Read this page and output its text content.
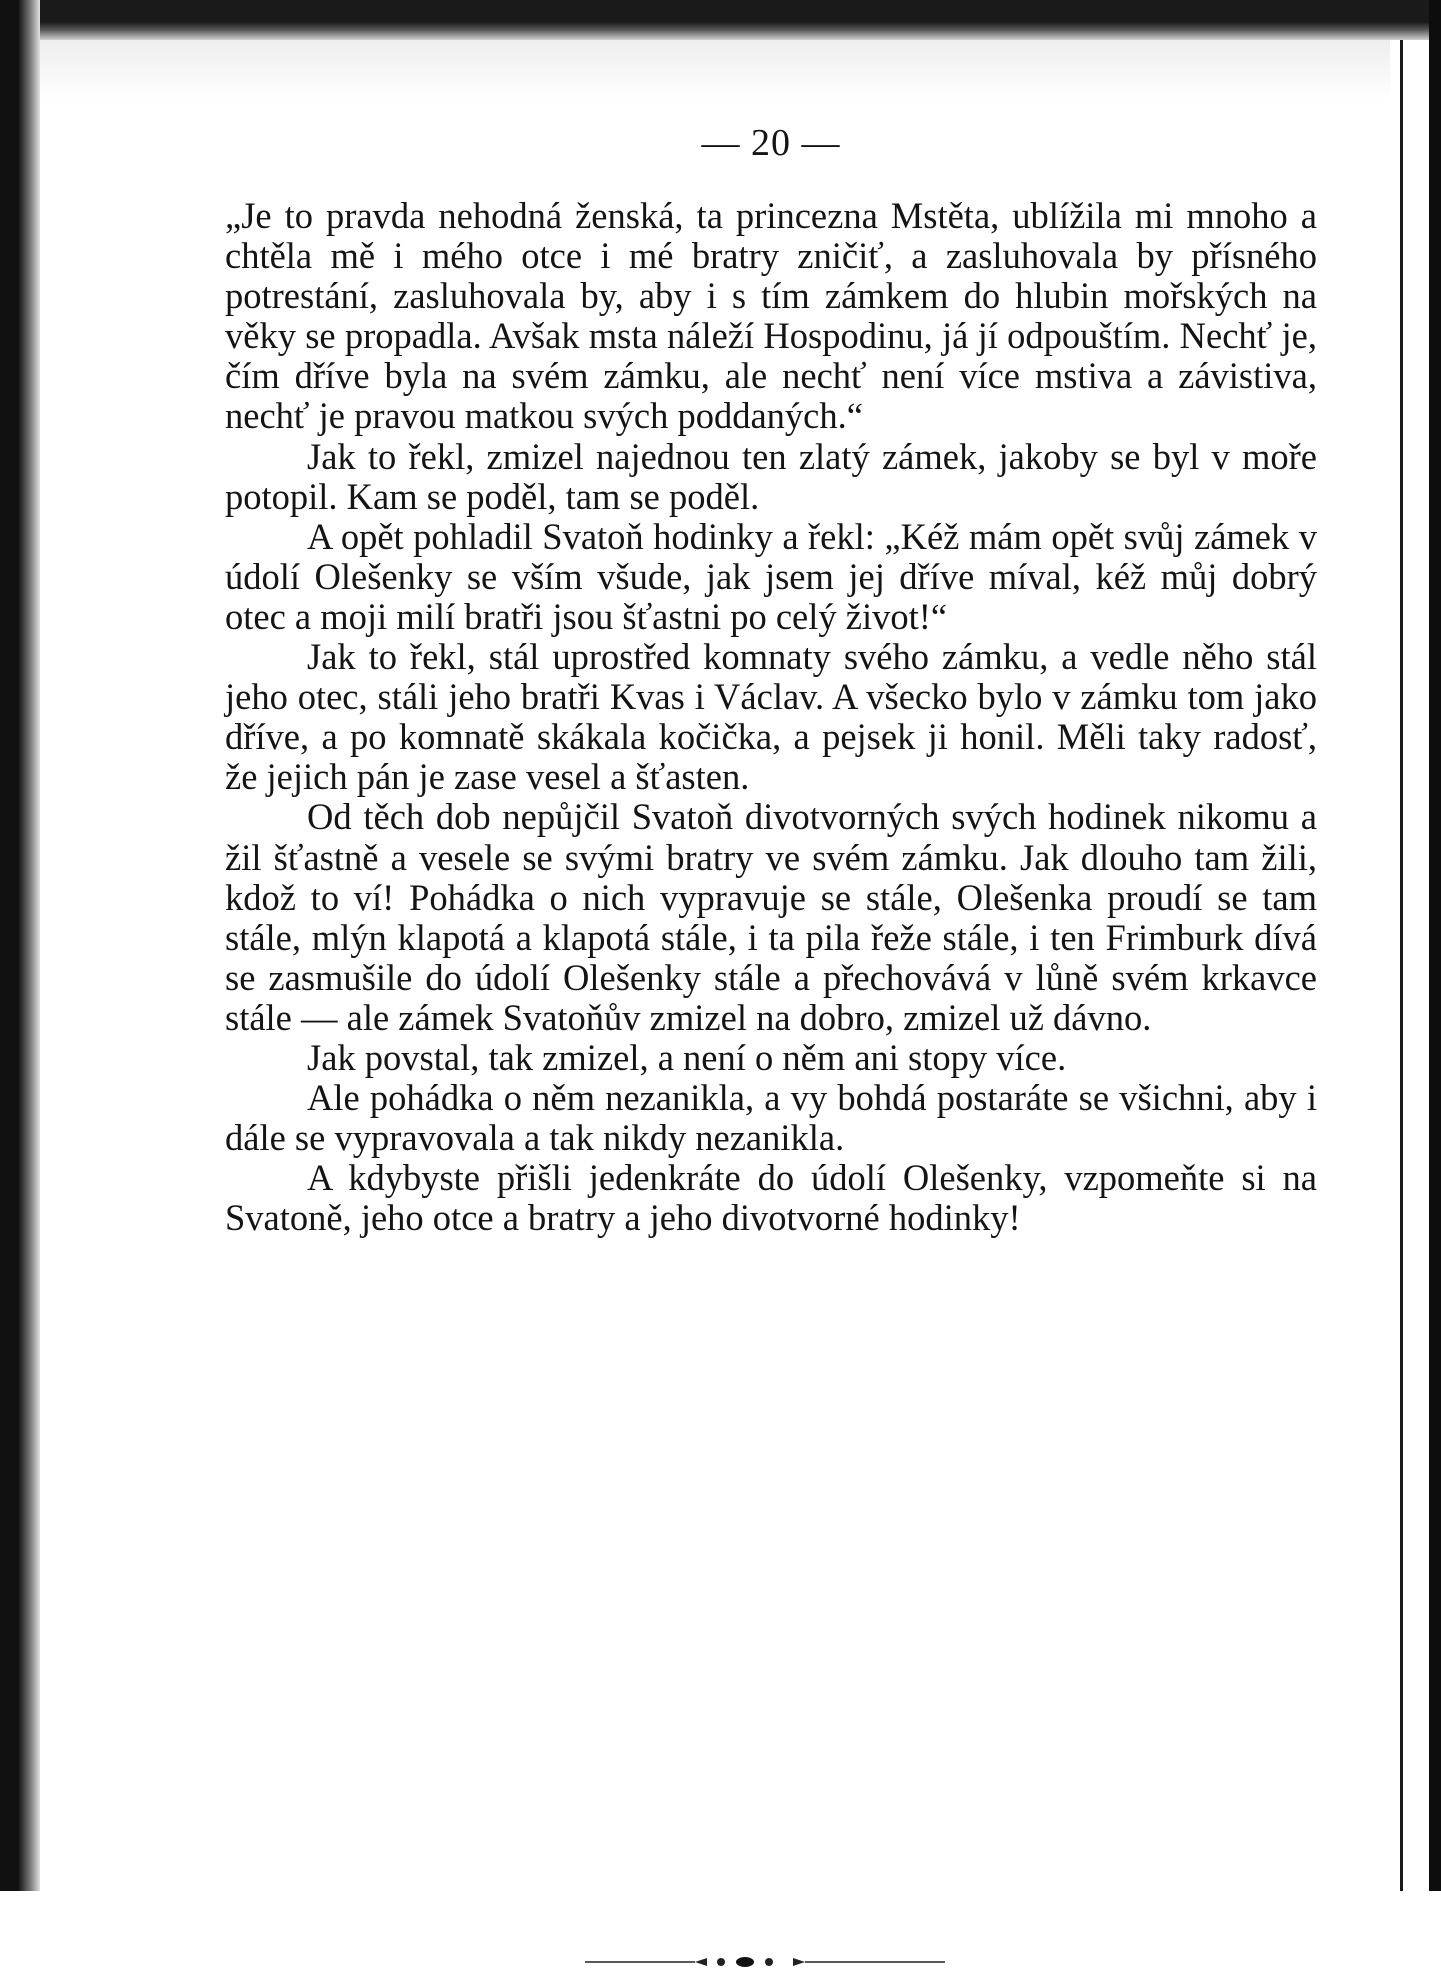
— 20 —

„Je to pravda nehodná ženská, ta princezna Mstěta, ublížila mi mnoho a chtěla mě i mého otce i mé bratry zničiť, a zasluhovala by přísného potrestání, zasluhovala by, aby i s tím zámkem do hlubin mořských na věky se propadla. Avšak msta náleží Hospodinu, já jí odpouštím. Nechť je, čím dříve byla na svém zámku, ale nechť není více mstiva a závistiva, nechť je pravou matkou svých poddaných.“

Jak to řekl, zmizel najednou ten zlatý zámek, jakoby se byl v moře potopil. Kam se poděl, tam se poděl.

A opět pohladil Svatoň hodinky a řekl: „Kéž mám opět svůj zámek v údolí Olešenky se vším všude, jak jsem jej dříve míval, kéž můj dobrý otec a moji milí bratři jsou šťastni po celý život!“

Jak to řekl, stál uprostřed komnaty svého zámku, a vedle něho stál jeho otec, stáli jeho bratři Kvas i Václav. A všecko bylo v zámku tom jako dříve, a po komnatě skákala kočička, a pejsek ji honil. Měli taky radosť, že jejich pán je zase vesel a šťasten.

Od těch dob nepůjčil Svatoň divotvorných svých hodinek nikomu a žil šťastně a vesele se svými bratry ve svém zámku. Jak dlouho tam žili, kdož to ví! Pohádka o nich vypravuje se stále, Olešenka proudí se tam stále, mlýn klapotá a klapotá stále, i ta pila řeže stále, i ten Frimburk dívá se zasmušile do údolí Olešenky stále a přechovává v lůně svém krkavce stále — ale zámek Svatoňův zmizel na dobro, zmizel už dávno.

Jak povstal, tak zmizel, a není o něm ani stopy více.

Ale pohádka o něm nezanikla, a vy bohdá postaráte se všichni, aby i dále se vypravovala a tak nikdy nezanikla.

A kdybyste přišli jedenkráte do údolí Olešenky, vzpomeňte si na Svatoně, jeho otce a bratry a jeho divotvorné hodinky!
